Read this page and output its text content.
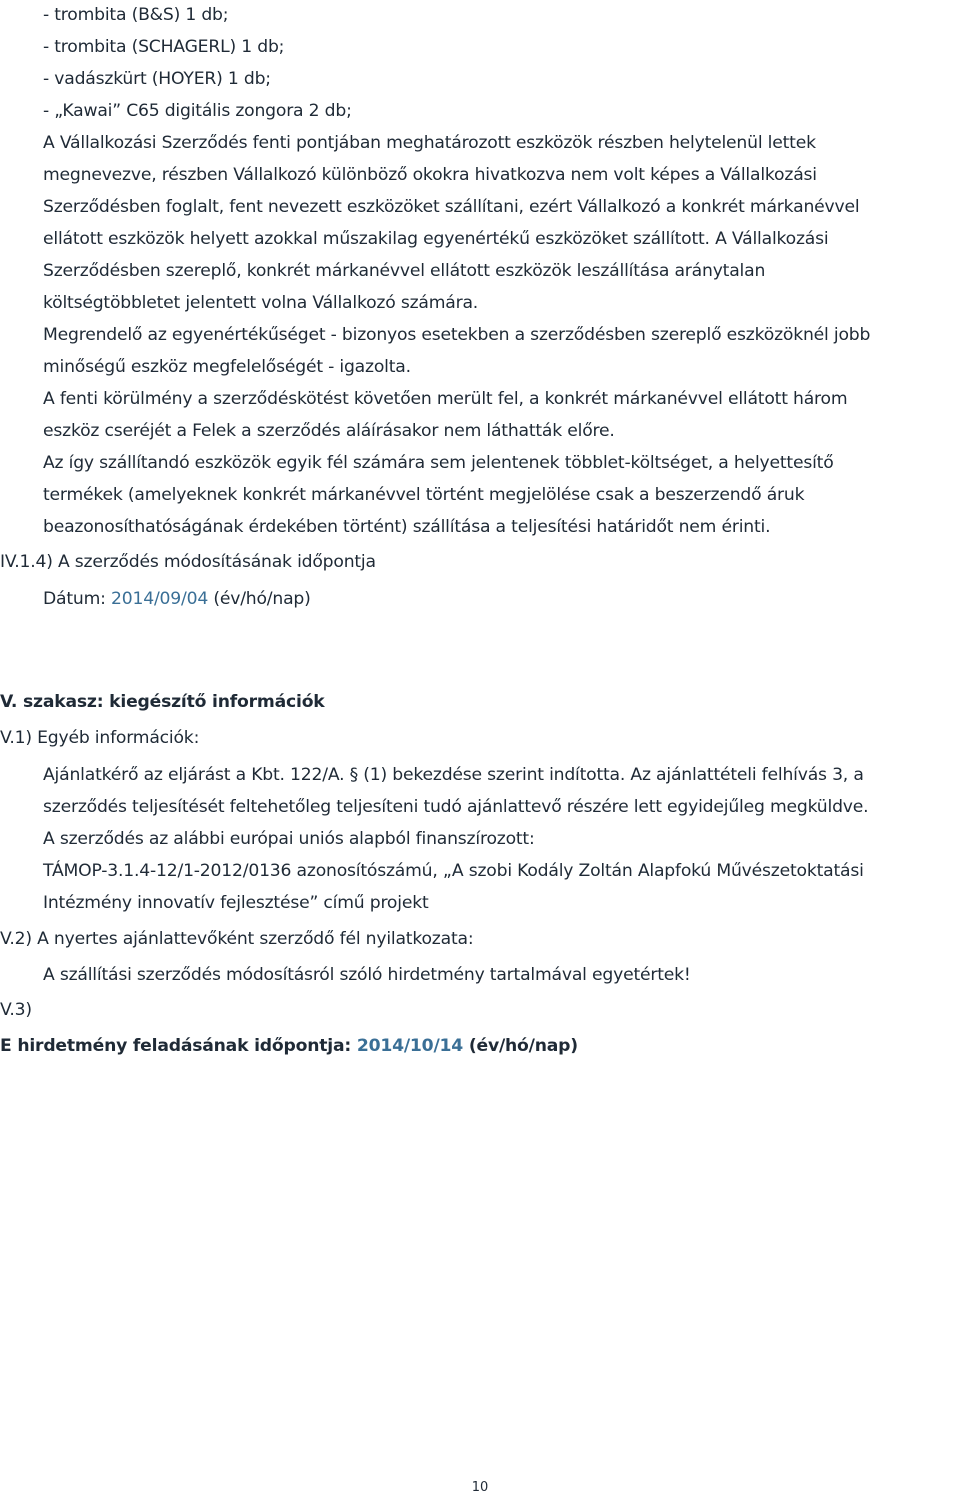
- trombita (B&S) 1 db;
- trombita (SCHAGERL) 1 db;
- vadászkürt (HOYER) 1 db;
- „Kawai” C65 digitális zongora 2 db;
A Vállalkozási Szerződés fenti pontjában meghatározott eszközök részben helytelenül lettek
megnevezve, részben Vállalkozó különböző okokra hivatkozva nem volt képes a Vállalkozási
Szerződésben foglalt, fent nevezett eszközöket szállítani, ezért Vállalkozó a konkrét márkanévvel
ellátott eszközök helyett azokkal műszakilag egyenértékű eszközöket szállított. A Vállalkozási
Szerződésben szereplő, konkrét márkanévvel ellátott eszközök leszállítása aránytalan
költségtöbbletet jelentett volna Vállalkozó számára.
Megrendelő az egyenértékűséget - bizonyos esetekben a szerződésben szereplő eszközöknél jobb
minőségű eszköz megfelelőségét - igazolta.
A fenti körülmény a szerződéskötést követően merült fel, a konkrét márkanévvel ellátott három
eszköz cseréjét a Felek a szerződés aláírásakor nem láthatták előre.
Az így szállítandó eszközök egyik fél számára sem jelentenek többlet-költséget, a helyettesítő
termékek (amelyeknek konkrét márkanévvel történt megjelölése csak a beszerzendő áruk
beazonosíthatóságának érdekében történt) szállítása a teljesítési határidőt nem érinti.
IV.1.4) A szerződés módosításának időpontja
Dátum: 2014/09/04 (év/hó/nap)
V. szakasz: kiegészítő információk
V.1) Egyéb információk:
Ajánlatkérő az eljárást a Kbt. 122/A. § (1) bekezdése szerint indította. Az ajánlattételi felhívás 3, a
szerződés teljesítését feltehetőleg teljesíteni tudó ajánlattevő részére lett egyidejűleg megküldve.
A szerződés az alábbi európai uniós alapból finanszírozott:
TÁMOP-3.1.4-12/1-2012/0136 azonosítószámú, „A szobi Kodály Zoltán Alapfokú Művészetoktatási
Intézmény innovatív fejlesztése” című projekt
V.2) A nyertes ajánlattevőként szerződő fél nyilatkozata:
A szállítási szerződés módosításról szóló hirdetmény tartalmával egyetértek!
V.3)
E hirdetmény feladásának időpontja: 2014/10/14 (év/hó/nap)
10
